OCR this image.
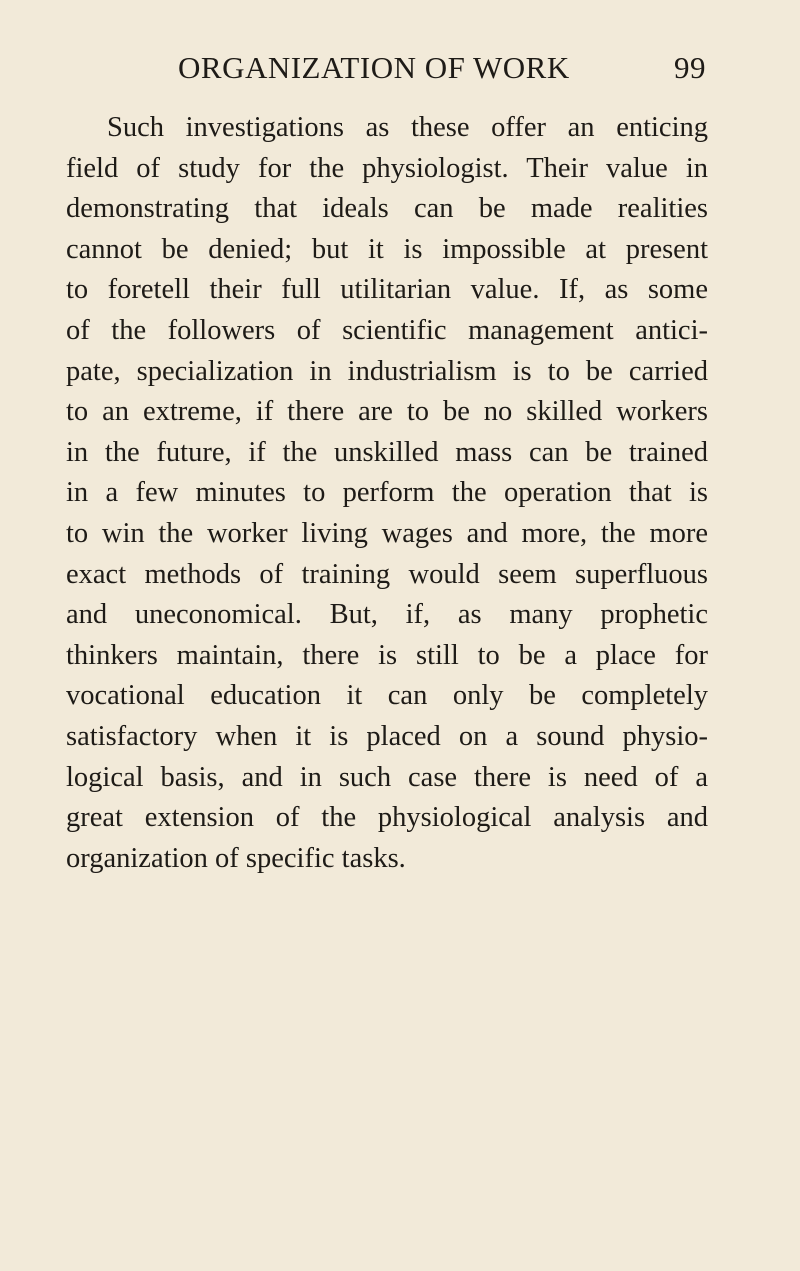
ORGANIZATION OF WORK	99
Such investigations as these offer an enticing
field of study for the physiologist. Their value in
demonstrating that ideals can be made realities
cannot be denied; but it is impossible at present
to foretell their full utilitarian value. If, as some
of the followers of scientific management antici-
pate, specialization in industrialism is to be carried
to an extreme, if there are to be no skilled workers
in the future, if the unskilled mass can be trained
in a few minutes to perform the operation that is
to win the worker living wages and more, the more
exact methods of training would seem superfluous
and uneconomical. But, if, as many prophetic
thinkers maintain, there is still to be a place for
vocational education it can only be completely
satisfactory when it is placed on a sound physio-
logical basis, and in such case there is need of a
great extension of the physiological analysis and
organization of specific tasks.
